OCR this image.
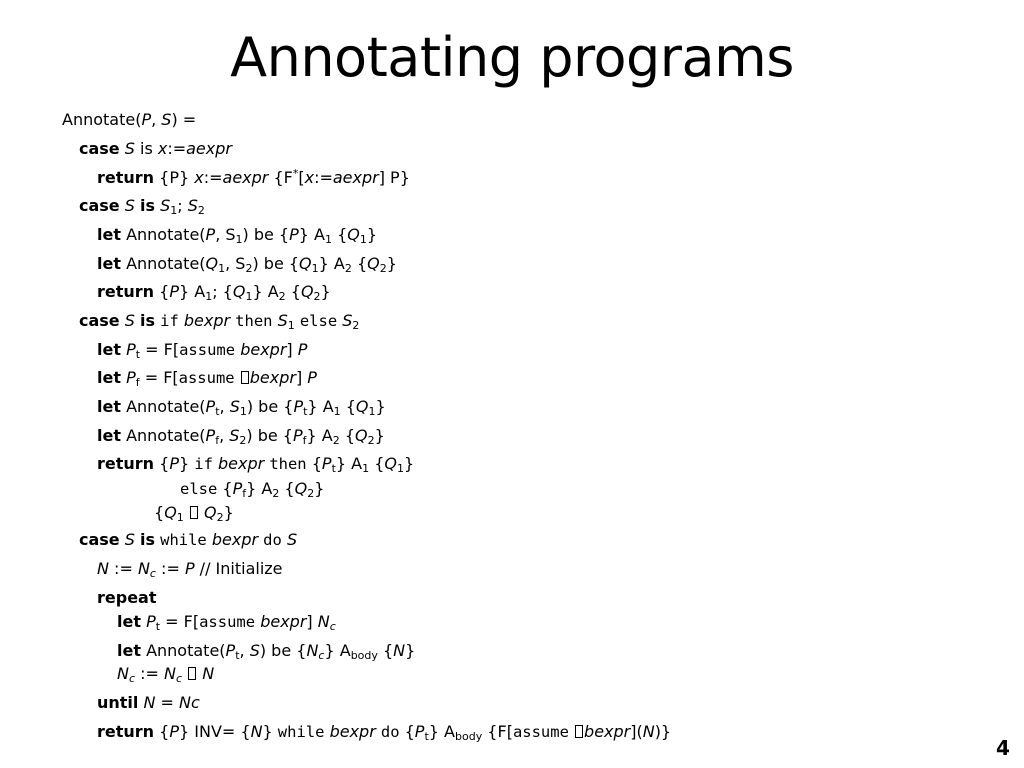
Annotating programs
Annotate(P, S) =
case S is x:=aexpr
return {P} x:=aexpr {F*[x:=aexpr] P}
case S is $S_1$; $S_2$
let Annotate(P, $S_1$) be {P} $A_1$ $\{Q_1\}$
let $Annotate(Q_1$, $S_2$) be $\{Q_1\}$ $A_2$ $\{Q_2\}$
return {P} $A_1$; $\{Q_1\}$ $A_2$ $\{Q_2\}$
case S is if bexpr then $S_1$ else $S_2$
let $P_t$ = F[assume bexpr] P
let $P_f$ = F[assume bexpr] P
let $Annotate(P_t$, $S_1$) be $\{P_t\}$ $A_1$ $\{Q_1\}$
let $Annotate(P_f$, $S_2$) be $\{P_f\}$ $A_2$ $\{Q_2\}$
return {P} if bexpr then $\{P_t\}$ $A_1$ $\{Q_1\}$
else $\{P_f\}$ $A_2$ $\{Q_2\}$
{$Q_1$ $Q_2$}
case S is while bexpr do S
N := $N_c$ := P // Initialize
repeat
let $P_t$ = F[assume bexpr] $N_c$
let $Annotate(P_t$, S) be $\{N_c\}$ $A_{body}$ {N}
$N_c$ := $N_c$ N
until N = Nc
return {P} INV= {N} while bexpr do $\{P_t\}$ $A_{body}$ {F[assume bexpr](N)}
4
